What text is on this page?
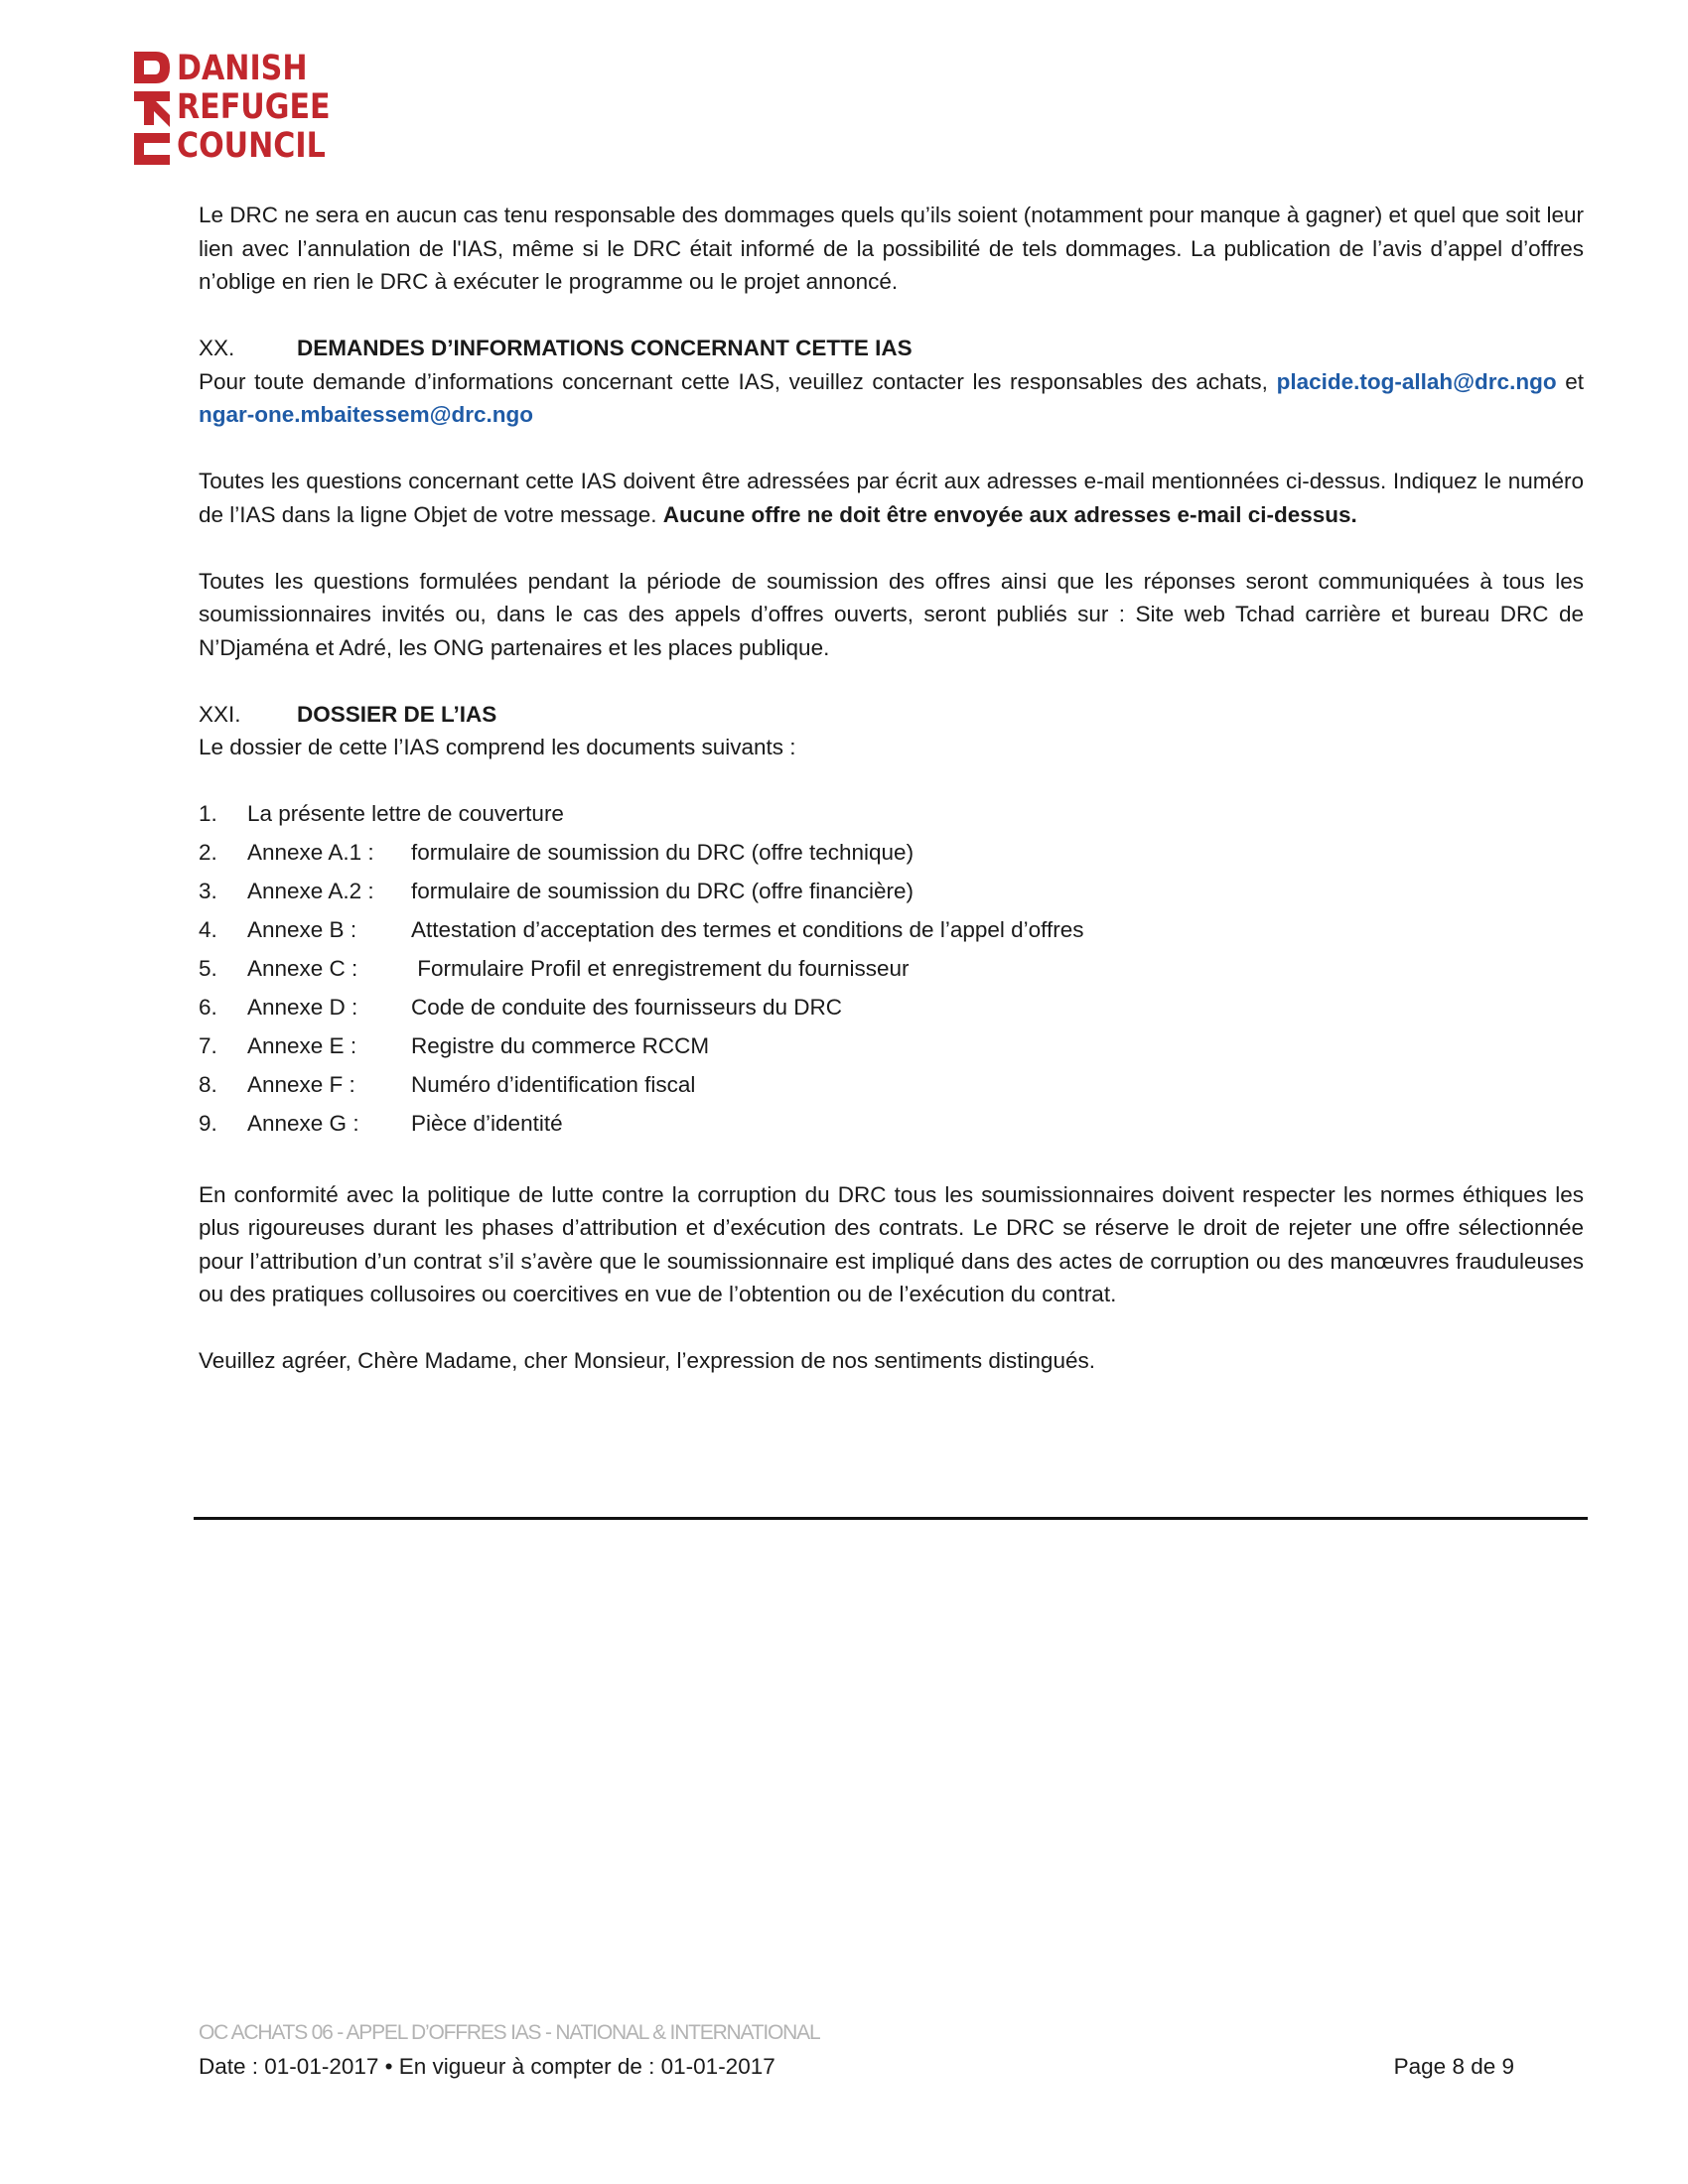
DANISH
REFUGEE
COUNCIL

Le DRC ne sera en aucun cas tenu responsable des dommages quels qu’ils soient (notamment pour manque à gagner) et quel que soit leur lien avec l’annulation de l'IAS, même si le DRC était informé de la possibilité de tels dommages. La publication de l’avis d’appel d’offres n’oblige en rien le DRC à exécuter le programme ou le projet annoncé.

XX.	DEMANDES D’INFORMATIONS CONCERNANT CETTE IAS

Pour toute demande d’informations concernant cette IAS, veuillez contacter les responsables des achats, placide.tog-allah@drc.ngo et ngar-one.mbaitessem@drc.ngo

Toutes les questions concernant cette IAS doivent être adressées par écrit aux adresses e-mail mentionnées ci-dessus. Indiquez le numéro de l’IAS dans la ligne Objet de votre message. Aucune offre ne doit être envoyée aux adresses e-mail ci-dessus.

Toutes les questions formulées pendant la période de soumission des offres ainsi que les réponses seront communiquées à tous les soumissionnaires invités ou, dans le cas des appels d’offres ouverts, seront publiés sur : Site web Tchad carrière et bureau DRC de N’Djaména et Adré, les ONG partenaires et les places publique.

XXI.	DOSSIER DE L’IAS

Le dossier de cette l’IAS comprend les documents suivants :

1.	La présente lettre de couverture
2.	Annexe A.1 :	formulaire de soumission du DRC (offre technique)
3.	Annexe A.2 :	formulaire de soumission du DRC (offre financière)
4.	Annexe B :	Attestation d’acceptation des termes et conditions de l’appel d’offres
5.	Annexe C :	Formulaire Profil et enregistrement du fournisseur
6.	Annexe D :	Code de conduite des fournisseurs du DRC
7.	Annexe E :	Registre du commerce RCCM
8.	Annexe F :	Numéro d’identification fiscal
9.	Annexe G :	Pièce d’identité

En conformité avec la politique de lutte contre la corruption du DRC tous les soumissionnaires doivent respecter les normes éthiques les plus rigoureuses durant les phases d’attribution et d’exécution des contrats. Le DRC se réserve le droit de rejeter une offre sélectionnée pour l’attribution d’un contrat s’il s’avère que le soumissionnaire est impliqué dans des actes de corruption ou des manœuvres frauduleuses ou des pratiques collusoires ou coercitives en vue de l’obtention ou de l’exécution du contrat.

Veuillez agréer, Chère Madame, cher Monsieur, l’expression de nos sentiments distingués.

OC ACHATS 06 - APPEL D’OFFRES IAS - NATIONAL & INTERNATIONAL
Date : 01-01-2017 • En vigueur à compter de : 01-01-2017	Page 8 de 9
